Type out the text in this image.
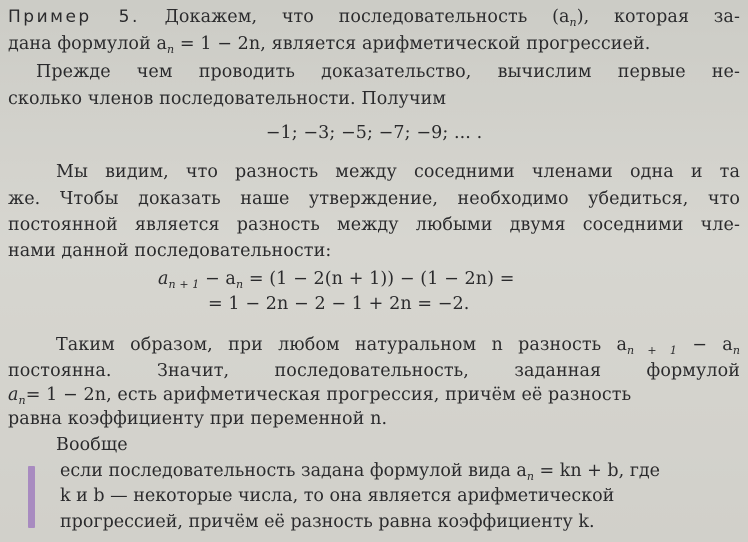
Пример 5. Докажем, что последовательность $(a_n)$, которая за-
дана формулой $a_n = 1 - 2n$, является арифметической прогрессией.
Прежде чем проводить доказательство, вычислим первые не-
сколько членов последовательности. Получим
−1; −3; −5; −7; −9; ... .
Мы видим, что разность между соседними членами одна и та
же. Чтобы доказать наше утверждение, необходимо убедиться, что
постоянной является разность между любыми двумя соседними чле-
нами данной последовательности:
$a_{n + 1} - a_n = (1 - 2(n + 1)) - (1 - 2n)$ =
= 1 − 2n − 2 − 1 + 2n = −2.
Таким образом, при любом натуральном n разность $a_{n + 1} - a_n$
постоянна. Значит, последовательность, заданная формулой
$a_n= 1 - 2n$, есть арифметическая прогрессия, причём её разность
равна коэффициенту при переменной n.
Вообще
если последовательность задана формулой вида $a_n$ = kn + b, где
k и b — некоторые числа, то она является арифметической
прогрессией, причём её разность равна коэффициенту k.
